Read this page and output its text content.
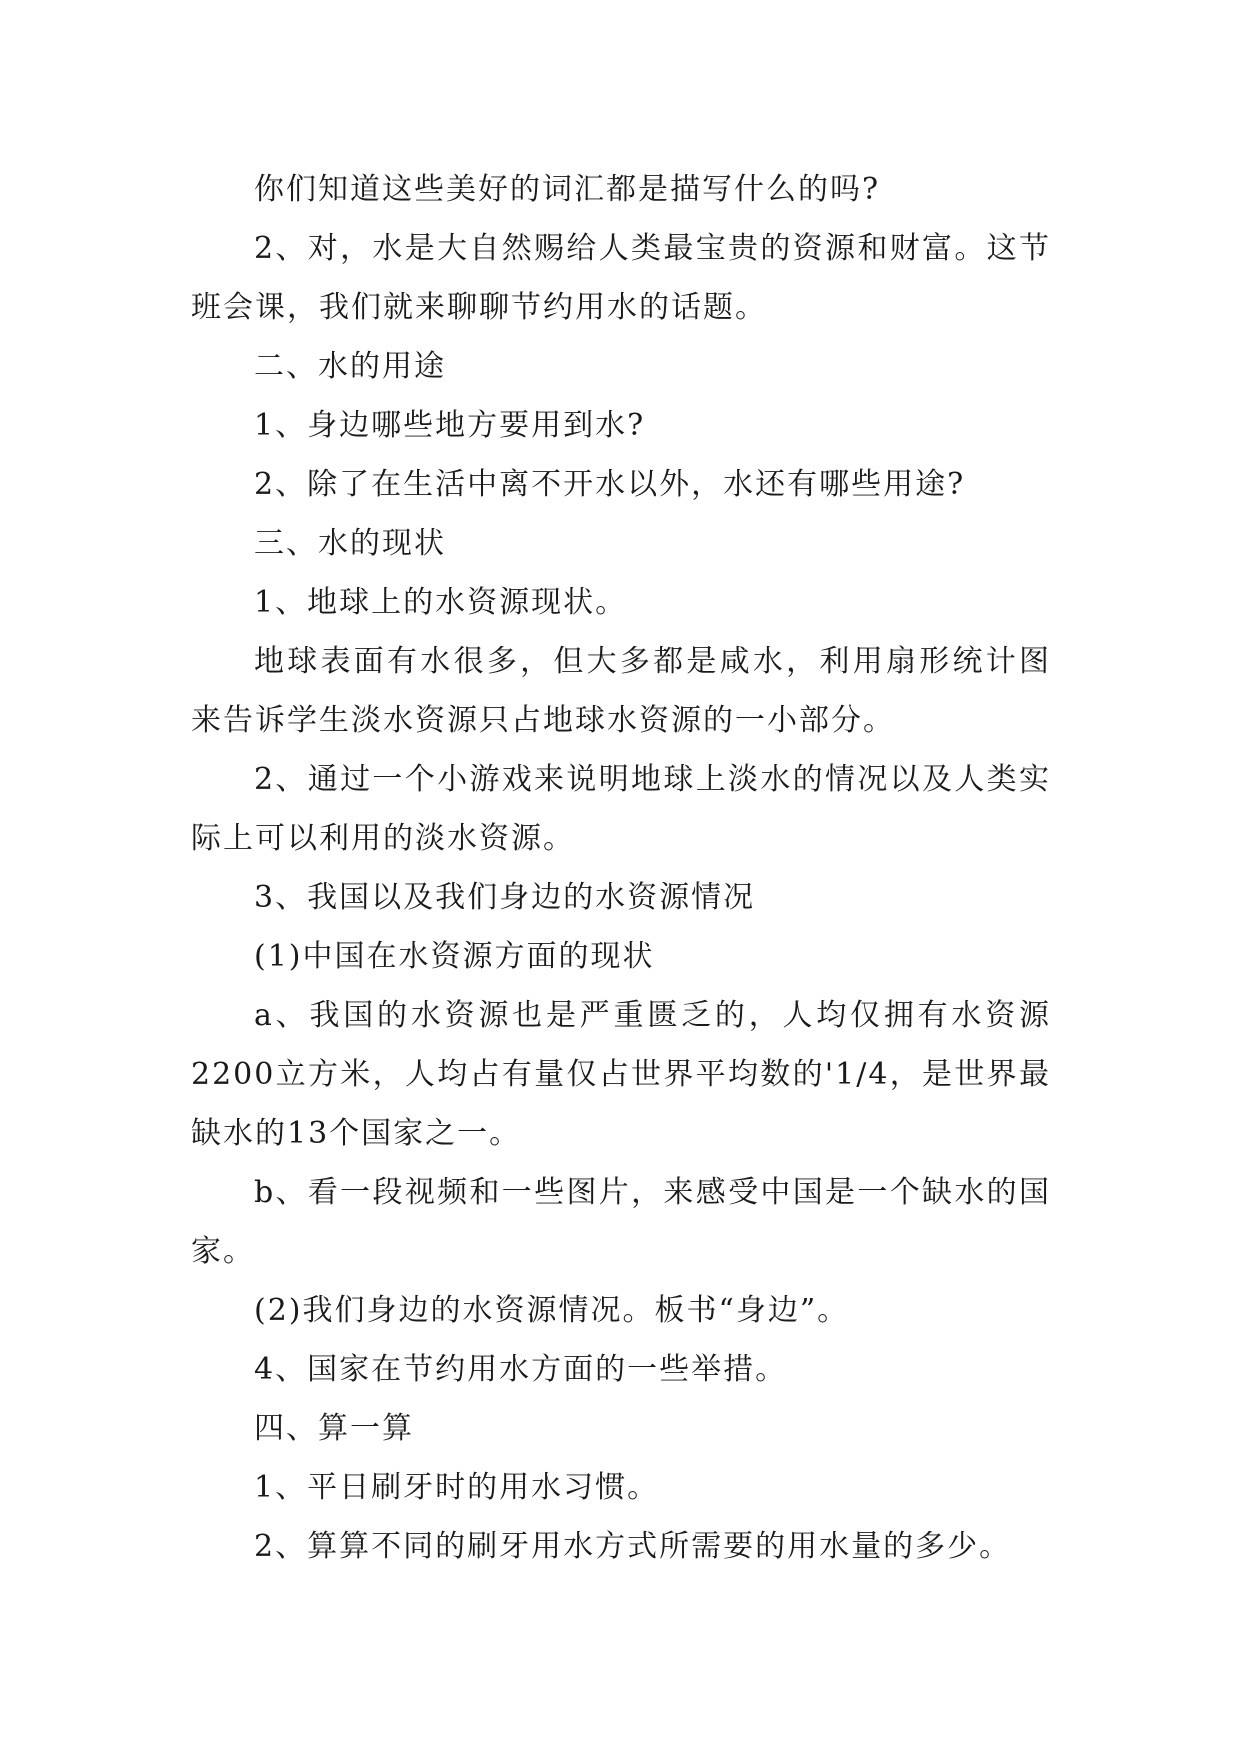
你们知道这些美好的词汇都是描写什么的吗?

2、对，水是大自然赐给人类最宝贵的资源和财富。这节班会课，我们就来聊聊节约用水的话题。

二、水的用途

1、身边哪些地方要用到水?

2、除了在生活中离不开水以外，水还有哪些用途?

三、水的现状

1、地球上的水资源现状。

地球表面有水很多，但大多都是咸水，利用扇形统计图来告诉学生淡水资源只占地球水资源的一小部分。

2、通过一个小游戏来说明地球上淡水的情况以及人类实际上可以利用的淡水资源。

3、我国以及我们身边的水资源情况

(1)中国在水资源方面的现状

a、我国的水资源也是严重匮乏的，人均仅拥有水资源2200立方米，人均占有量仅占世界平均数的'1/4，是世界最缺水的13个国家之一。

b、看一段视频和一些图片，来感受中国是一个缺水的国家。

(2)我们身边的水资源情况。板书“身边”。

4、国家在节约用水方面的一些举措。

四、算一算

1、平日刷牙时的用水习惯。

2、算算不同的刷牙用水方式所需要的用水量的多少。
